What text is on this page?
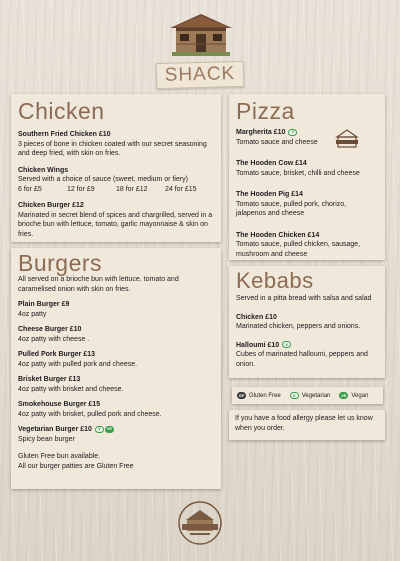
SHACK
Chicken
Southern Fried Chicken £10
3 pieces of bone in chicken coated with our secret seasoning and deep fried, with skin on fries.
Chicken Wings
Served with a choice of sauce (sweet, medium or fiery)
6 for £5	12 for £9	18 for £12	24 for £15
Chicken Burger £12
Marinated in secret blend of spices and chargrilled, served in a brioche bun with lettuce, tomato, garlic mayonnaise & skin on fries.
Burgers
All served on a brioche bun with lettuce. tomato and caramelised onion with skin on fries.
Plain Burger £9
4oz patty
Cheese Burger £10
4oz patty with cheese .
Pulled Pork Burger £13
4oz patty with pulled pork and cheese.
Brisket Burger £13
4oz patty with brisket and cheese.
Smokehouse Burger £15
4oz patty with brisket, pulled pork and cheese.
Vegetarian Burger £10 V VE
Spicy bean burger
Gluten Free bun available.
All our burger patties are Gluten Free
Pizza
Margherita £10 V
Tomato sauce and cheese
The Hooden Cow £14
Tomato sauce, brisket, chilli and cheese
The Hooden Pig £14
Tomato sauce, pulled pork, chorizo, jalapenos and cheese
The Hooden Chicken £14
Tomato sauce, pulled chicken, sausage, mushroom and cheese
Kebabs
Served in a pitta bread with salsa and salad
Chicken £10
Marinated chicken, peppers and onions.
Halloumi £10 V
Cubes of marinated halloumi, peppers and onion.
GF Gluten Free	V	Vegetarian	VE Vegan
If you have a food allergy please let us know when you order.
